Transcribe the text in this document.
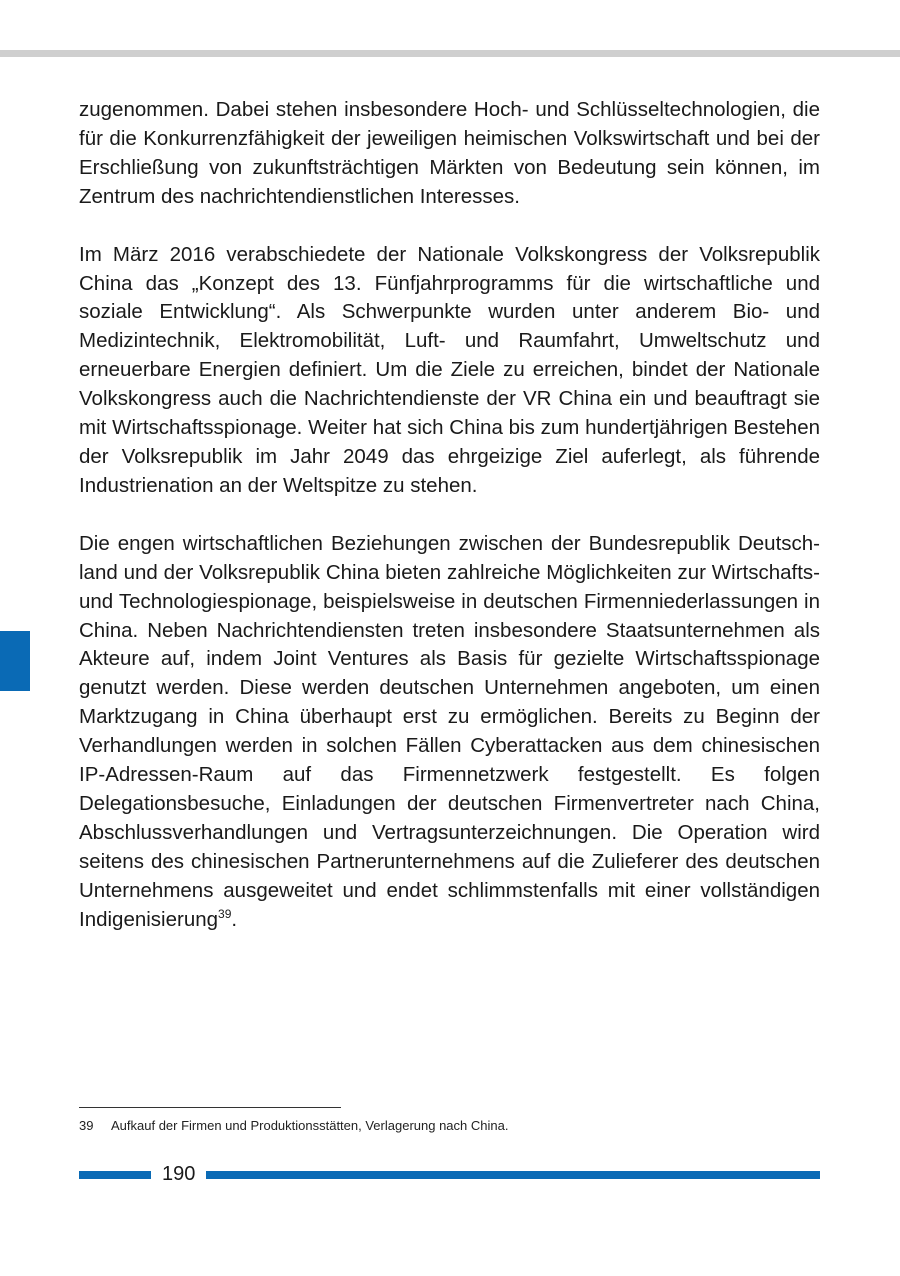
zugenommen. Dabei stehen insbesondere Hoch- und Schlüsseltechnologien, die für die Konkurrenzfähigkeit der jeweiligen heimischen Volkswirtschaft und bei der Erschließung von zukunftsträchtigen Märkten von Bedeutung sein können, im Zentrum des nachrichtendienstlichen Interesses.

Im März 2016 verabschiedete der Nationale Volkskongress der Volksrepublik China das „Konzept des 13. Fünfjahrprogramms für die wirtschaftliche und soziale Entwicklung“. Als Schwerpunkte wurden unter anderem Bio- und Medizintechnik, Elektromobilität, Luft- und Raumfahrt, Umweltschutz und erneuerbare Energien definiert. Um die Ziele zu erreichen, bindet der Nationale Volkskongress auch die Nachrichtendienste der VR China ein und beauftragt sie mit Wirtschaftsspionage. Weiter hat sich China bis zum hundertjährigen Bestehen der Volksrepublik im Jahr 2049 das ehrgeizige Ziel auferlegt, als führende Industrienation an der Weltspitze zu stehen.

Die engen wirtschaftlichen Beziehungen zwischen der Bundesrepublik Deutschland und der Volksrepublik China bieten zahlreiche Möglichkeiten zur Wirtschafts- und Technologiespionage, beispielsweise in deutschen Firmenniederlassungen in China. Neben Nachrichtendiensten treten insbesondere Staatsunternehmen als Akteure auf, indem Joint Ventures als Basis für gezielte Wirtschaftsspionage genutzt werden. Diese werden deutschen Unternehmen angeboten, um einen Marktzugang in China überhaupt erst zu ermöglichen. Bereits zu Beginn der Verhandlungen werden in solchen Fällen Cyberattacken aus dem chinesischen IP-Adressen-Raum auf das Firmennetzwerk festgestellt. Es folgen Delegationsbesuche, Einladungen der deutschen Firmenvertreter nach China, Abschlussverhandlungen und Vertragsunterzeichnungen. Die Operation wird seitens des chinesischen Partnerunternehmens auf die Zulieferer des deutschen Unternehmens ausgeweitet und endet schlimmstenfalls mit einer vollständigen Indigenisierung$^{39}$.

39 Aufkauf der Firmen und Produktionsstätten, Verlagerung nach China.
190
